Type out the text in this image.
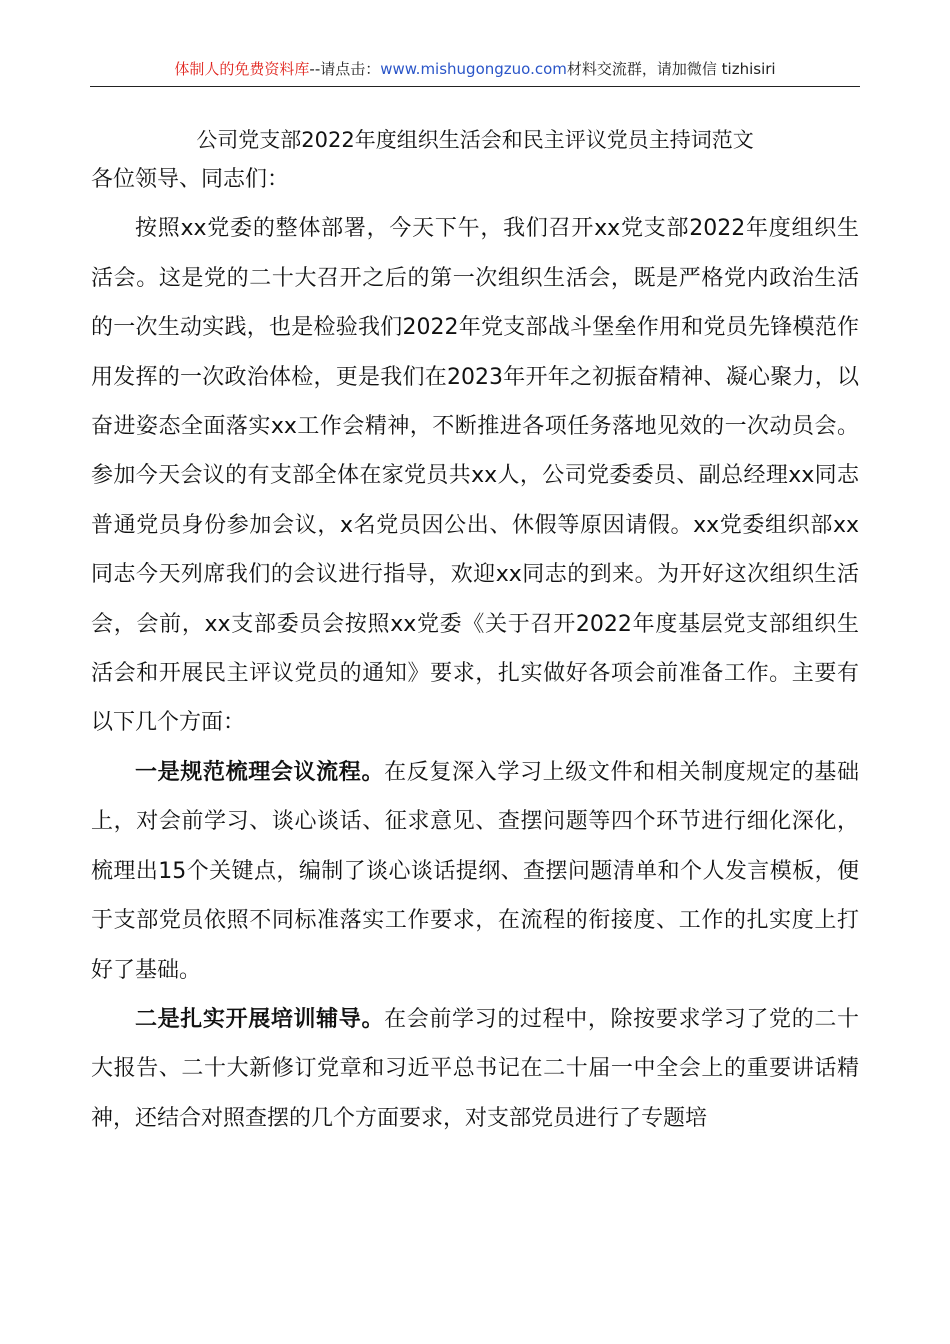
体制人的免费资料库--请点击：www.mishugongzuo.com材料交流群，请加微信 tizhisiri
公司党支部2022年度组织生活会和民主评议党员主持词范文

各位领导、同志们：

按照xx党委的整体部署，今天下午，我们召开xx党支部2022年度组织生活会。这是党的二十大召开之后的第一次组织生活会，既是严格党内政治生活的一次生动实践，也是检验我们2022年党支部战斗堡垒作用和党员先锋模范作用发挥的一次政治体检，更是我们在2023年开年之初振奋精神、凝心聚力，以奋进姿态全面落实xx工作会精神，不断推进各项任务落地见效的一次动员会。参加今天会议的有支部全体在家党员共xx人，公司党委委员、副总经理xx同志普通党员身份参加会议，x名党员因公出、休假等原因请假。xx党委组织部xx同志今天列席我们的会议进行指导，欢迎xx同志的到来。为开好这次组织生活会，会前，xx支部委员会按照xx党委《关于召开2022年度基层党支部组织生活会和开展民主评议党员的通知》要求，扎实做好各项会前准备工作。主要有以下几个方面：

一是规范梳理会议流程。在反复深入学习上级文件和相关制度规定的基础上，对会前学习、谈心谈话、征求意见、查摆问题等四个环节进行细化深化，梳理出15个关键点，编制了谈心谈话提纲、查摆问题清单和个人发言模板，便于支部党员依照不同标准落实工作要求，在流程的衔接度、工作的扎实度上打好了基础。

二是扎实开展培训辅导。在会前学习的过程中，除按要求学习了党的二十大报告、二十大新修订党章和习近平总书记在二十届一中全会上的重要讲话精神，还结合对照查摆的几个方面要求，对支部党员进行了专题培
